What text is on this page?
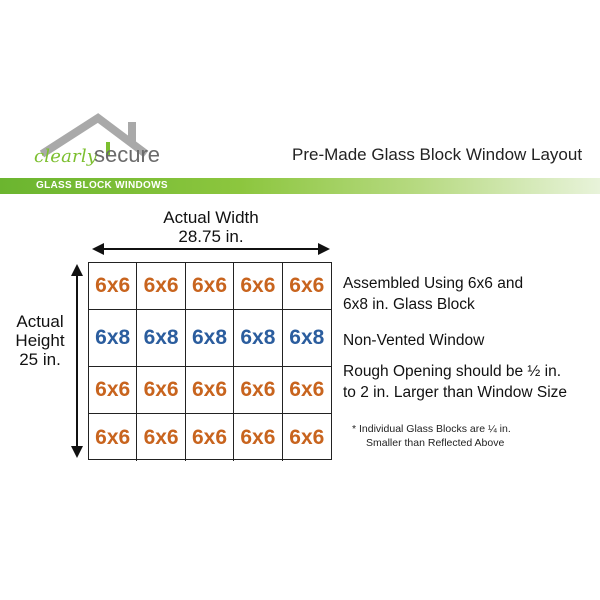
clearly
secure	Pre-Made Glass Block Window Layout
GLASS BLOCK WINDOWS
Actual Width
28.75 in.
Actual
Height
25 in.
6x6 6x6 6x6 6x6 6x6
6x8 6x8 6x8 6x8 6x8
6x6 6x6 6x6 6x6 6x6
6x6 6x6 6x6 6x6 6x6
Assembled Using 6x6 and
6x8 in. Glass Block
Non-Vented Window
Rough Opening should be ½ in.
to 2 in. Larger than Window Size
* Individual Glass Blocks are ¼ in.
Smaller than Reflected Above
